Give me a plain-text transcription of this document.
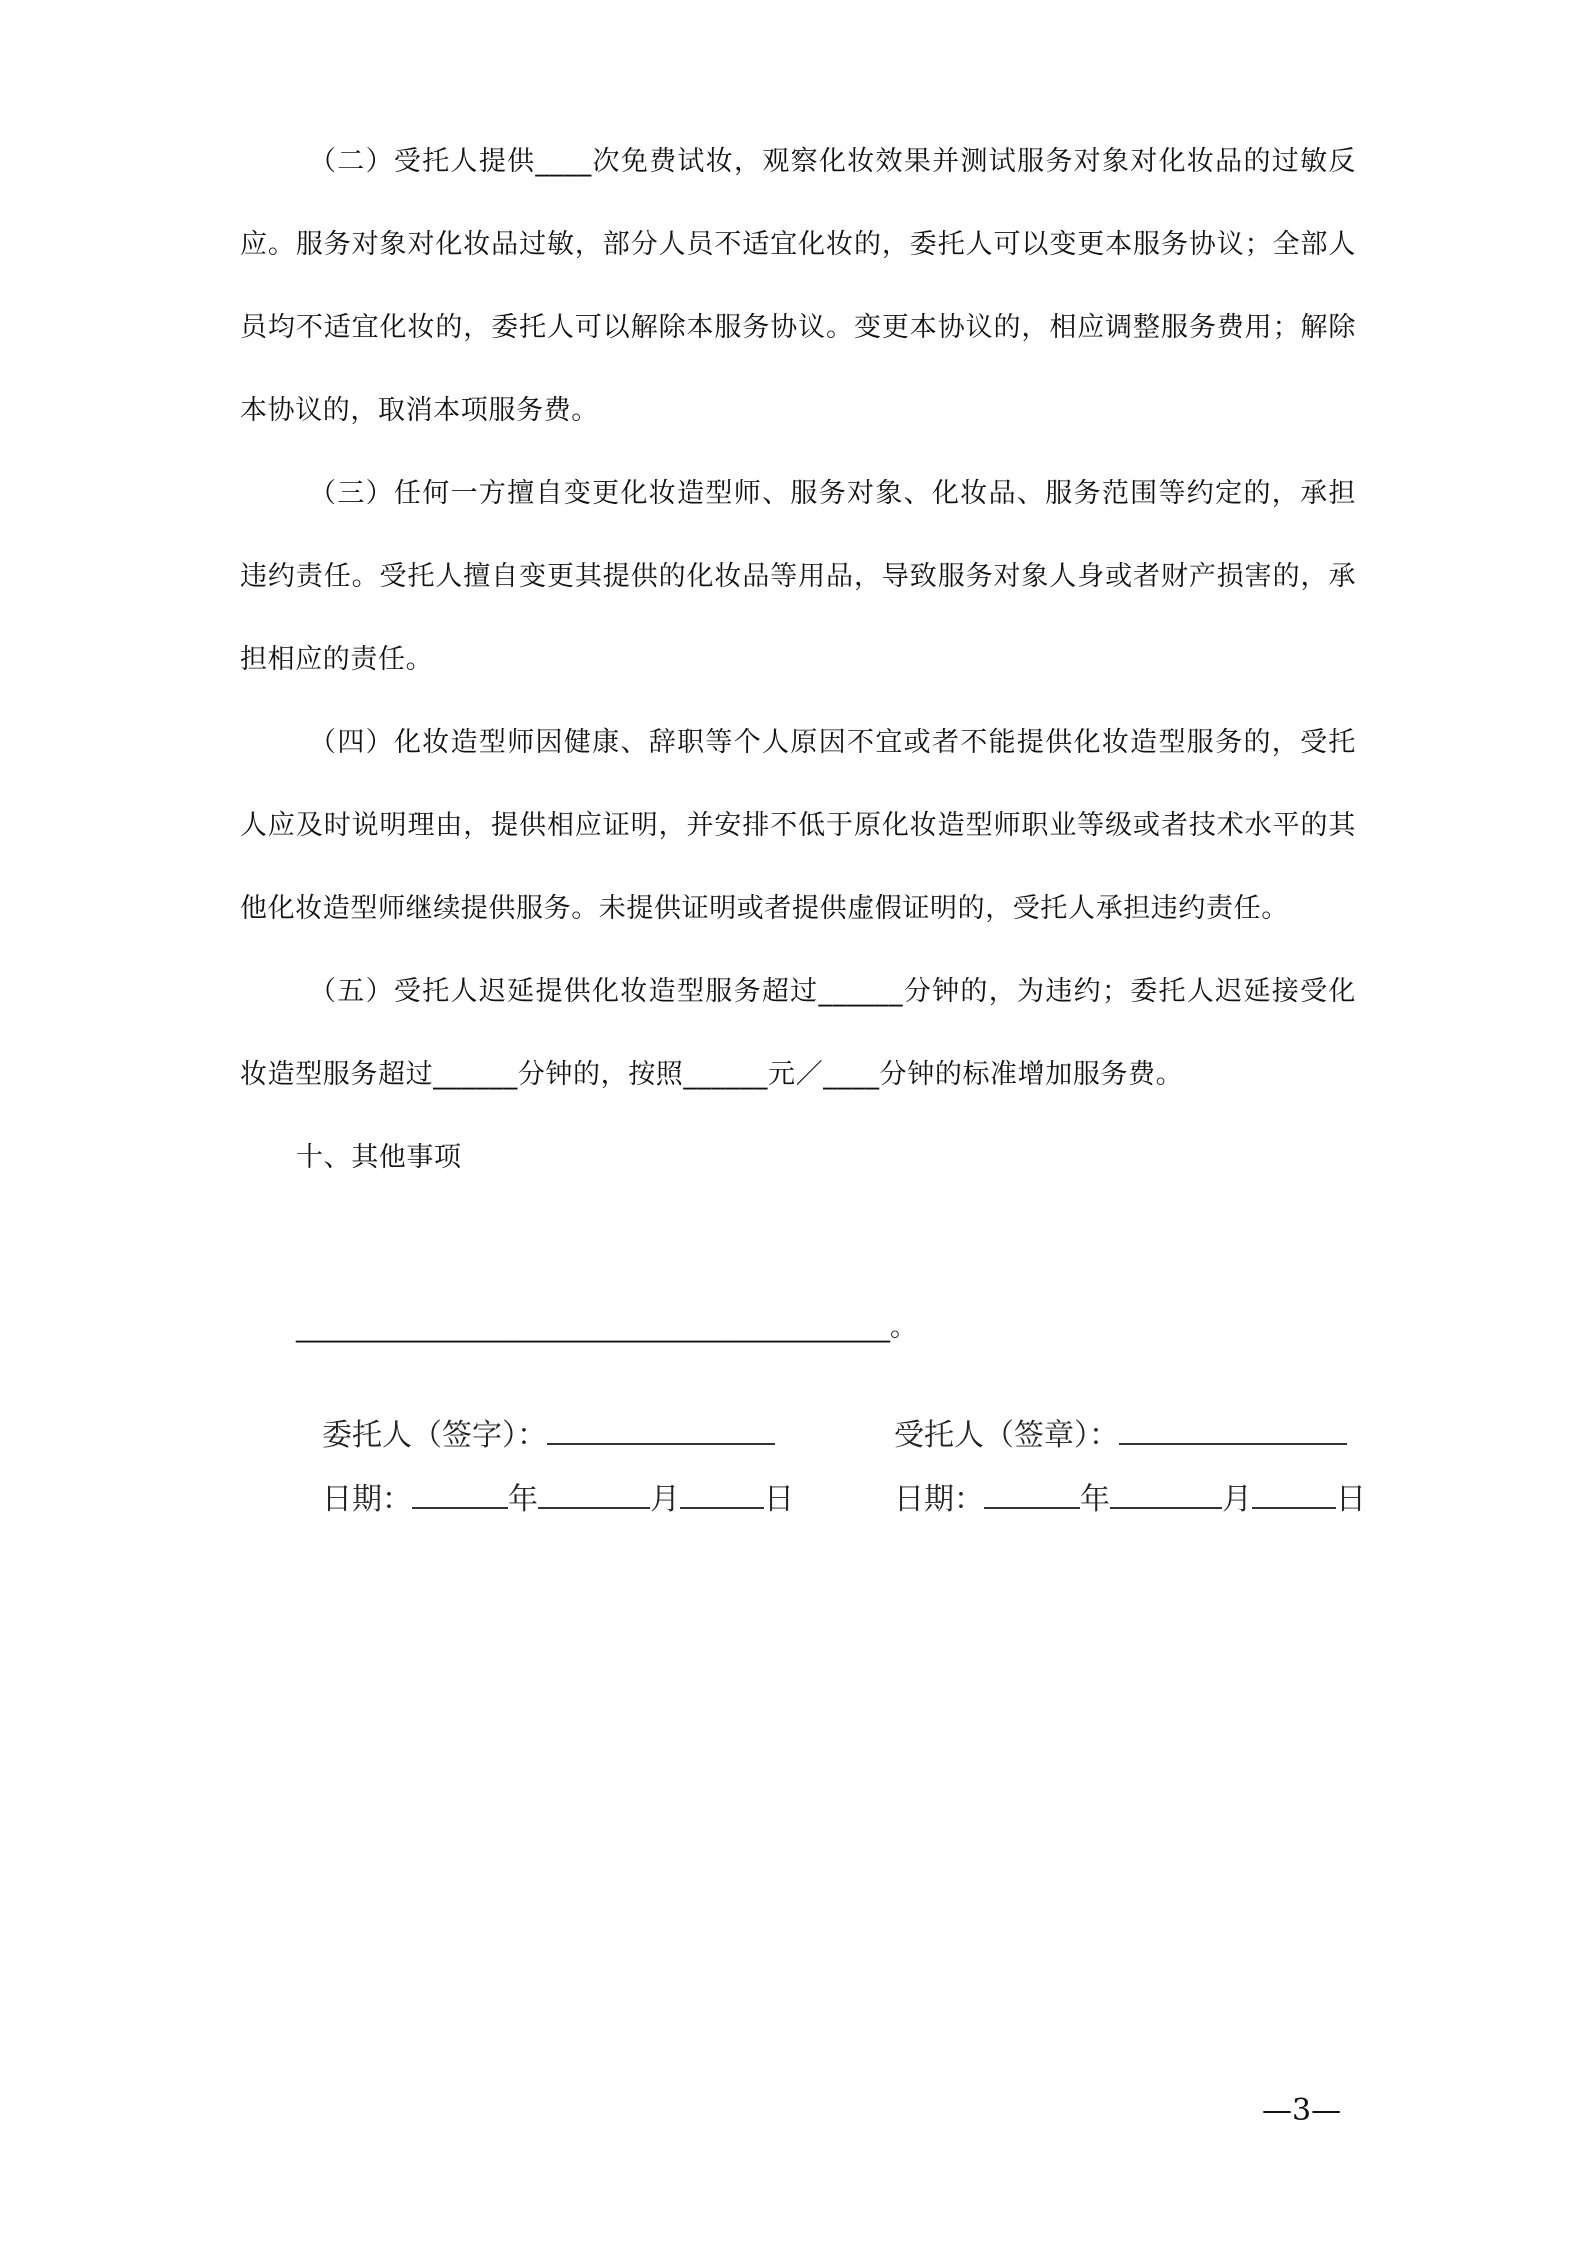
（二）受托人提供____次免费试妆，观察化妆效果并测试服务对象对化妆品的过敏反应。服务对象对化妆品过敏，部分人员不适宜化妆的，委托人可以变更本服务协议；全部人员均不适宜化妆的，委托人可以解除本服务协议。变更本协议的，相应调整服务费用；解除本协议的，取消本项服务费。

（三）任何一方擅自变更化妆造型师、服务对象、化妆品、服务范围等约定的，承担违约责任。受托人擅自变更其提供的化妆品等用品，导致服务对象人身或者财产损害的，承担相应的责任。

（四）化妆造型师因健康、辞职等个人原因不宜或者不能提供化妆造型服务的，受托人应及时说明理由，提供相应证明，并安排不低于原化妆造型师职业等级或者技术水平的其他化妆造型师继续提供服务。未提供证明或者提供虚假证明的，受托人承担违约责任。

（五）受托人迟延提供化妆造型服务超过______分钟的，为违约；委托人迟延接受化妆造型服务超过______分钟的，按照______元／____分钟的标准增加服务费。

十、其他事项

____________________________________________。
委托人（签字）：	受托人（签章）：
日期：	年	月	日	日期：	年	月	日
—3—
